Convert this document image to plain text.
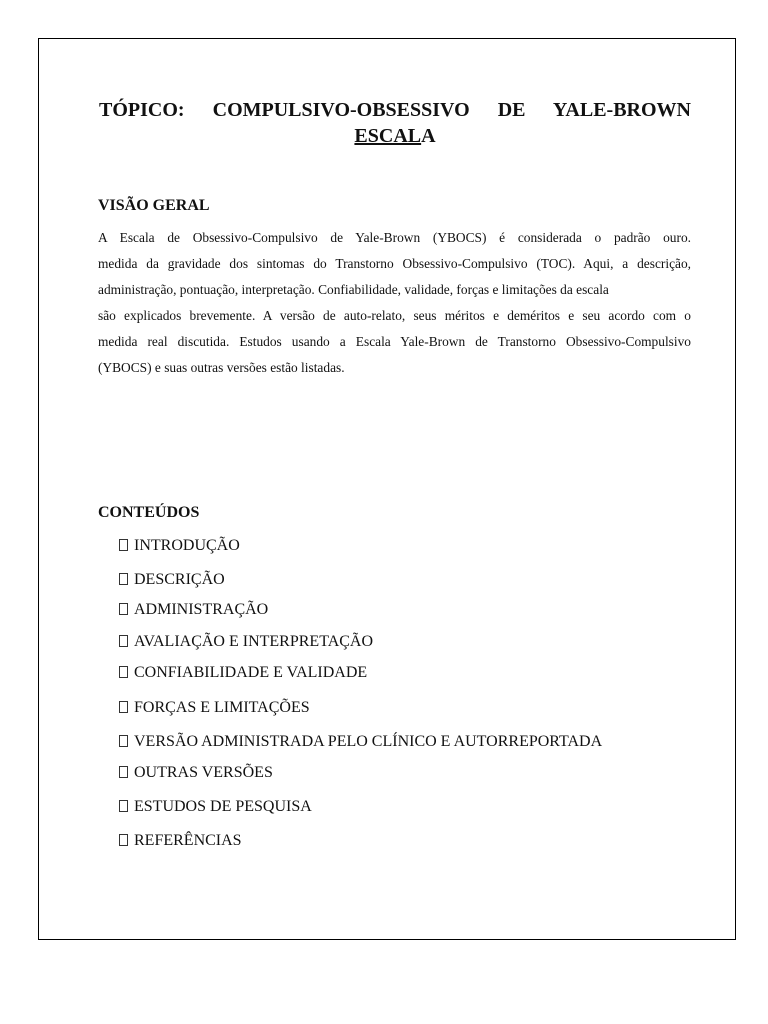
TÓPICO: COMPULSIVO-OBSESSIVO DE YALE-BROWN
ESCALA
VISÃO GERAL
A Escala de Obsessivo-Compulsivo de Yale-Brown (YBOCS) é considerada o padrão ouro.
medida da gravidade dos sintomas do Transtorno Obsessivo-Compulsivo (TOC). Aqui, a descrição,
administração, pontuação, interpretação. Confiabilidade, validade, forças e limitações da escala
são explicados brevemente. A versão de auto-relato, seus méritos e deméritos e seu acordo com o
medida real discutida. Estudos usando a Escala Yale-Brown de Transtorno Obsessivo-Compulsivo
(YBOCS) e suas outras versões estão listadas.
CONTEÚDOS
INTRODUÇÃO
DESCRIÇÃO
ADMINISTRAÇÃO
AVALIAÇÃO E INTERPRETAÇÃO
CONFIABILIDADE E VALIDADE
FORÇAS E LIMITAÇÕES
VERSÃO ADMINISTRADA PELO CLÍNICO E AUTORREPORTADA
OUTRAS VERSÕES
ESTUDOS DE PESQUISA
REFERÊNCIAS
